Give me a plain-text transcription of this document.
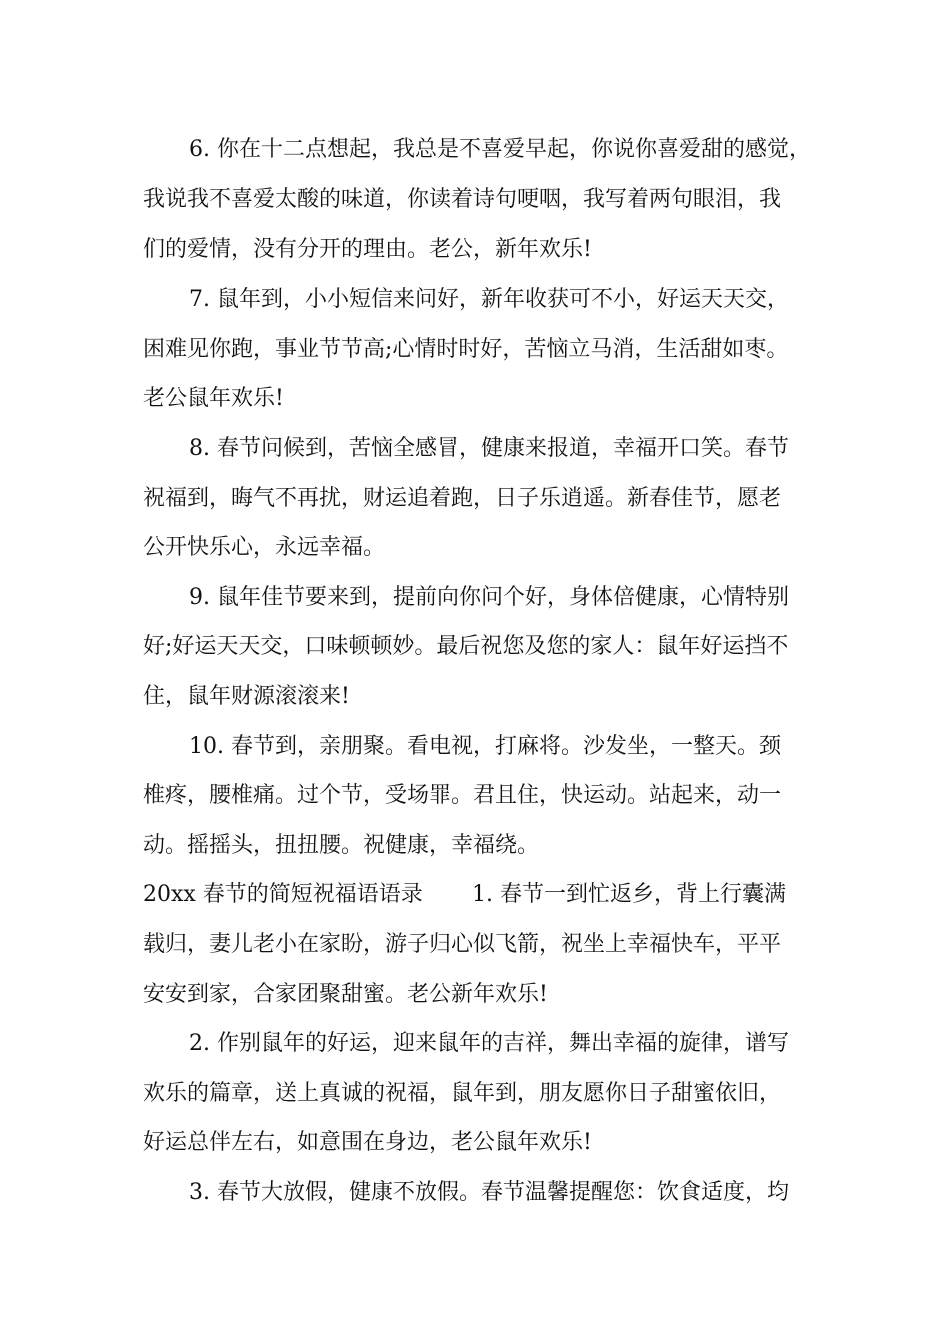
6. 你在十二点想起，我总是不喜爱早起，你说你喜爱甜的感觉，
我说我不喜爱太酸的味道，你读着诗句哽咽，我写着两句眼泪，我
们的爱情，没有分开的理由。老公，新年欢乐!
7. 鼠年到，小小短信来问好，新年收获可不小，好运天天交，
困难见你跑，事业节节高;心情时时好，苦恼立马消，生活甜如枣。
老公鼠年欢乐!
8. 春节问候到，苦恼全感冒，健康来报道，幸福开口笑。春节
祝福到，晦气不再扰，财运追着跑，日子乐逍遥。新春佳节，愿老
公开快乐心，永远幸福。
9. 鼠年佳节要来到，提前向你问个好，身体倍健康，心情特别
好;好运天天交，口味顿顿妙。最后祝您及您的家人：鼠年好运挡不
住，鼠年财源滚滚来!
10. 春节到，亲朋聚。看电视，打麻将。沙发坐，一整天。颈
椎疼，腰椎痛。过个节，受场罪。君且住，快运动。站起来，动一
动。摇摇头，扭扭腰。祝健康，幸福绕。
20xx 春节的简短祝福语语录 1. 春节一到忙返乡，背上行囊满
载归，妻儿老小在家盼，游子归心似飞箭，祝坐上幸福快车，平平
安安到家，合家团聚甜蜜。老公新年欢乐!
2. 作别鼠年的好运，迎来鼠年的吉祥，舞出幸福的旋律，谱写
欢乐的篇章，送上真诚的祝福，鼠年到，朋友愿你日子甜蜜依旧，
好运总伴左右，如意围在身边，老公鼠年欢乐!
3. 春节大放假，健康不放假。春节温馨提醒您：饮食适度，均
